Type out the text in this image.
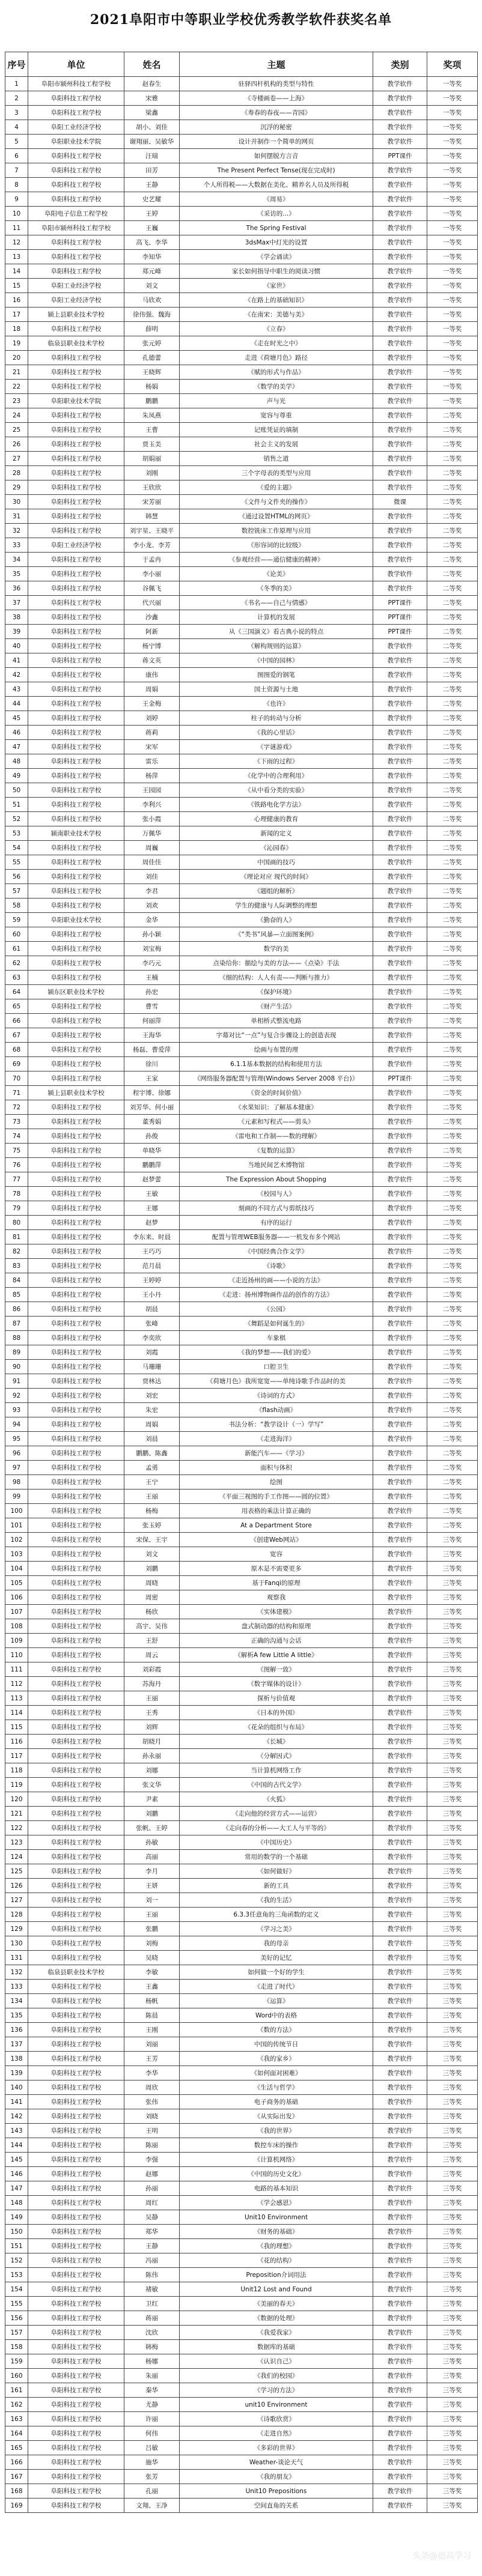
2021阜阳市中等职业学校优秀教学软件获奖名单
序号	单位	姓名	主题	类别	奖项
1	阜阳市颍州科技工程学校	赵春生	驻驿四杆机构的类型与特性	教学软件	一等奖
2	阜阳科技工程学校	宋雅	《寺楼画卷——上海》	教学软件	一等奖
3	阜阳科技工程学校	梁鑫	《寿春的春夜——青园》	教学软件	一等奖
4	阜阳工业经济学校	胡小、刘佳	沉浮的秘密	教学软件	一等奖
5	阜阳职业技术学院	谢翔丽、吴敏华	设计并制作一个简单的网页	教学软件	一等奖
6	阜阳科技工程学校	汪瑞	如何摆脱方言音	PPT课件	一等奖
7	阜阳科技工程学校	田芳	The Present Perfect Tense(现在完成时)	教学软件	一等奖
8	阜阳科技工程学校	王静	个人所得税——大数据在美化、精养名人员及所得税	教学软件	一等奖
9	阜阳科技工程学校	史艺耀	《周易》	教学软件	一等奖
10	阜阳电子信息工程学校	王婷	《采访的...》	教学软件	一等奖
11	阜阳市颍州科技工程学校	王巍	The Spring Festival	教学软件	一等奖
12	阜阳科技工程学校	高飞、李华	3dsMax中灯光的设置	教学软件	一等奖
13	阜阳科技工程学校	李知华	《学会诵读》	教学软件	一等奖
14	阜阳科技工程学校	郑元峰	家长如何指导中职生的阅读习惯	教学软件	一等奖
15	阜阳工业经济学校	刘文	《家世》	教学软件	一等奖
16	阜阳工业经济学校	马欣欢	《在路上的基础知识》	教学软件	一等奖
17	颍上县职业技术学校	徐伟强、魏海	《在南宋：美德与美》	教学软件	一等奖
18	阜阳科技工程学校	薛明	《立春》	教学软件	一等奖
19	临泉县职业技术学校	张元婷	《走在时光之中》	教学软件	一等奖
20	阜阳科技工程学校	孔德蕾	走进《荷塘月色》路径	教学软件	一等奖
21	阜阳科技工程学校	王晓辉	《赋的形式与作品》	教学软件	一等奖
22	阜阳科技工程学校	杨娟	《数学的美学》	教学软件	一等奖
23	阜阳职业技术学院	鹏鹏	声与光	教学软件	一等奖
24	阜阳科技工程学校	朱凤燕	宽容与尊重	教学软件	二等奖
25	阜阳科技工程学校	王曹	记账凭证的填制	教学软件	二等奖
26	阜阳科技工程学校	贾玉美	社会主义的发展	教学软件	二等奖
27	阜阳科技工程学校	胡娟丽	销售之道	教学软件	二等奖
28	阜阳科技工程学校	刘刚	三个字母表的类型与应用	教学软件	二等奖
29	阜阳科技工程学校	王欣欣	《爱的主题》	教学软件	二等奖
30	阜阳科技工程学校	宋芳丽	《文件与文件夹的操作》	微课	二等奖
31	阜阳科技工程学校	韩慧	《通过设置HTML的网页》	教学软件	二等奖
32	阜阳科技工程学校	刘宇星、王晓平	数控铣床工作原理与应用	教学软件	二等奖
33	阜阳工业经济学校	李小龙、李芳	《形容词的比较级》	教学软件	二等奖
34	阜阳科技工程学校	于孟冉	《参观经营——通信健康的精神》	教学软件	二等奖
35	阜阳科技工程学校	李小丽	《论美》	教学软件	二等奖
36	阜阳科技工程学校	谷佩飞	《冬季的美》	教学软件	二等奖
37	阜阳科技工程学校	代兴丽	《书名——自己与情感》	PPT课件	二等奖
38	阜阳科技工程学校	沙鑫	计算机的发展	PPT课件	二等奖
39	阜阳科技工程学校	阿新	从《三国演义》看古典小说的特点	PPT课件	二等奖
40	阜阳科技工程学校	杨宁博	《解构规则的运算》	教学软件	二等奖
41	阜阳科技工程学校	蒋文英	《中国的园林》	教学软件	二等奖
42	阜阳科技工程学校	康伟	图图爱的钢笔	教学软件	二等奖
43	阜阳科技工程学校	周娟	国土资源与土地	教学软件	二等奖
44	阜阳科技工程学校	王金梅	《也许》	教学软件	二等奖
45	阜阳科技工程学校	刘婷	柱子的转动与分析	教学软件	二等奖
46	阜阳科技工程学校	蒋莉	《我的心里话》	教学软件	二等奖
47	阜阳科技工程学校	宋军	《字谜游戏》	教学软件	二等奖
48	阜阳科技工程学校	雷乐	《下雨的过程》	教学软件	二等奖
49	阜阳科技工程学校	杨萍	《化学中的合理利用》	教学软件	二等奖
50	阜阳科技工程学校	王园园	《从中看分类的实验》	教学软件	二等奖
51	阜阳科技工程学校	李利兴	《铁路电化学方法》	教学软件	二等奖
52	阜阳科技工程学校	张小霞	心理健康的教育	教学软件	二等奖
53	颍南职业技术学校	万佩华	新闻的定义	教学软件	二等奖
54	阜阳科技工程学校	周巍	《沁园春》	教学软件	二等奖
55	阜阳科技工程学校	周佳佳	中国画的技巧	教学软件	二等奖
56	阜阳科技工程学校	刘佳	《理论对应 现代的时间》	教学软件	二等奖
57	阜阳科技工程学校	李君	《题组的解析》	教学软件	二等奖
58	阜阳科技工程学校	刘欢	学生的健康与人际调整的理想	教学软件	二等奖
59	阜阳职业技术学校	金华	《勤奋的人》	教学软件	二等奖
60	阜阳科技工程学校	孙小颖	《“类书”风暴—立面图案例》	教学软件	二等奖
61	阜阳科技工程学校	刘宝梅	数学的美	教学软件	二等奖
62	阜阳科技工程学校	李巧元	点染给你：描绘与美的方法——《点染》手法	教学软件	二等奖
63	阜阳科技工程学校	王楠	《细的结构：人人有责——判断与推力》	教学软件	二等奖
64	颍东区职业技术学校	孙宏	《保护环境》	教学软件	二等奖
65	阜阳科技工程学校	曹雪	《财产生活》	教学软件	二等奖
66	阜阳科技工程学校	何丽萍	单相桥式整流电路	教学软件	二等奖
67	阜阳科技工程学校	王海华	字幕对比“一点”与复合步骤设上的创造表现	教学软件	二等奖
68	阜阳科技工程学校	杨磊、曹爱萍	绘画与布置的理	教学软件	二等奖
69	阜阳科技工程学校	徐川	6.1.1基本数据的结构和使用方法	教学软件	二等奖
70	阜阳科技工程学校	王家	《网络服务器配置与管理(Windows Server 2008 平台)》	PPT课件	二等奖
71	颍上县职业技术学校	程宇博、徐娜	《资金的时间价值》	教学软件	二等奖
72	阜阳科技工程学校	刘芳华、何小丽	《水果知识：了解基本健康》	教学软件	二等奖
73	阜阳科技工程学校	董秀娟	《元素和写程式——剪头》	教学软件	二等奖
74	阜阳科技工程学校	孙俊	《雷电和工作制——数的理解》	教学软件	二等奖
75	阜阳科技工程学校	单晓华	《复数的运算》	教学软件	二等奖
76	阜阳科技工程学校	鹏鹏萍	当地民间艺术博物馆	教学软件	二等奖
77	阜阳科技工程学校	赵梦蕾	The Expression About Shopping	教学软件	二等奖
78	阜阳科技工程学校	王敏	《校园与人》	教学软件	二等奖
79	阜阳科技工程学校	王娜	刻画的不同方式与剪纸技巧	教学软件	二等奖
80	阜阳科技工程学校	赵梦	有序的运行	教学软件	二等奖
81	阜阳科技工程学校	李东来、时晨	配置与管理WEB服务器——一机发布多个网站	教学软件	二等奖
82	阜阳科技工程学校	王巧巧	《中国经典合作文学》	教学软件	二等奖
83	阜阳科技工程学校	范月晨	《诗歌》	教学软件	二等奖
84	阜阳科技工程学校	王婷婷	《走近扬州的画——小说的方法》	教学软件	二等奖
85	阜阳科技工程学校	王小丹	《走进：扬州博物画作品的创作的方法》	教学软件	二等奖
86	阜阳科技工程学校	胡晨	《公园》	教学软件	二等奖
87	阜阳科技工程学校	张峰	《舞蹈是如何诞生的》	教学软件	二等奖
88	阜阳科技工程学校	李奕欣	车象棋	教学软件	二等奖
89	阜阳科技工程学校	刘霞	《我的梦想——我们的爱》	教学软件	二等奖
90	阜阳科技工程学校	马珊珊	口腔卫生	教学软件	二等奖
91	阜阳科技工程学校	贾林达	《荷塘月色》我所宽宽——单纯诗歌手作品时的美	教学软件	二等奖
92	阜阳科技工程学校	刘宏	《诗词的方式》	教学软件	二等奖
93	阜阳科技工程学校	朱宏	《flash动画》	教学软件	二等奖
94	阜阳科技工程学校	周娟	书法分析：“教学设计（一）学写”	教学软件	二等奖
95	阜阳科技工程学校	刘晨	《走进海洋》	教学软件	二等奖
96	阜阳科技工程学校	鹏鹏、陈鑫	新能汽车——《学习》	教学软件	二等奖
97	阜阳科技工程学校	孟勇	面积与体积	教学软件	二等奖
98	阜阳科技工程学校	王宁	绘图	教学软件	二等奖
99	阜阳科技工程学校	王丽	《平面三视图的手工作图——圆的位置》	教学软件	二等奖
100	阜阳科技工程学校	杨梅	用表格的乘法计算正确的	教学软件	二等奖
101	阜阳科技工程学校	张玉婷	At a Department Store	教学软件	二等奖
102	阜阳科技工程学校	宋保、王宇	《创建Web网站》	教学软件	三等奖
103	阜阳科技工程学校	刘文	宽容	教学软件	三等奖
104	阜阳科技工程学校	刘鹏	原木是不需要更多	教学软件	三等奖
105	阜阳科技工程学校	周晓	基于Fanqi的原理	教学软件	三等奖
106	阜阳科技工程学校	周密	观察我	教学软件	三等奖
107	阜阳科技工程学校	杨欣	《实体建模》	教学软件	三等奖
108	阜阳科技工程学校	高宇、吴伟	盘式制动器的结构和原理	教学软件	三等奖
109	阜阳科技工程学校	王舒	正确的沟通与会话	教学软件	三等奖
110	阜阳科技工程学校	周云	《解析A few Little A little》	教学软件	三等奖
111	阜阳科技工程学校	刘彩霞	《图解一致》	教学软件	三等奖
112	阜阳科技工程学校	苏海丹	《数字媒体的设计》	教学软件	三等奖
113	阜阳科技工程学校	王丽	探析与价值观	教学软件	三等奖
114	阜阳科技工程学校	王秀	《日本的外国》	教学软件	三等奖
115	阜阳科技工程学校	刘辉	《花朵的组织与布局》	教学软件	三等奖
116	阜阳科技工程学校	胡晓月	《长城》	教学软件	三等奖
117	阜阳科技工程学校	孙永丽	《分解因式》	教学软件	三等奖
118	阜阳科技工程学校	刘娜	当计算机网络工作	教学软件	三等奖
119	阜阳科技工程学校	张文华	《中国的古代文学》	教学软件	三等奖
120	阜阳科技工程学校	尹素	《火狐》	教学软件	三等奖
121	阜阳科技工程学校	刘鹏	《走向他的经营方式——运营》	教学软件	三等奖
122	阜阳科技工程学校	张帆、王婷	《走向春的分析——大工人与平等的》	教学软件	三等奖
123	阜阳科技工程学校	孙敏	《中国历史》	教学软件	三等奖
124	阜阳科技工程学校	高丽	常用的数学的一个基础	教学软件	三等奖
125	阜阳科技工程学校	李月	《如何做好》	教学软件	三等奖
126	阜阳科技工程学校	王妍	新的工具	教学软件	三等奖
127	阜阳科技工程学校	刘一	《我的生活》	教学软件	三等奖
128	阜阳科技工程学校	王丽	6.3.3任意角的三角函数的定义	教学软件	三等奖
129	阜阳科技工程学校	张鹏	《学习之美》	教学软件	三等奖
130	阜阳科技工程学校	刘梅	我的母亲	教学软件	三等奖
131	阜阳科技工程学校	吴晓	美好的记忆	教学软件	三等奖
132	临泉县职业技术学校	李敏	如何做一个好的学生	教学软件	三等奖
133	阜阳科技工程学校	王鑫	《走进了时代》	教学软件	三等奖
134	阜阳科技工程学校	杨帆	《运算》	教学软件	三等奖
135	阜阳科技工程学校	陈晨	Word中的表格	教学软件	三等奖
136	阜阳科技工程学校	王刚	《数的方法》	教学软件	三等奖
137	阜阳科技工程学校	刘丽	中国的传统节日	教学软件	三等奖
138	阜阳科技工程学校	王芳	《我的家乡》	教学软件	三等奖
139	阜阳科技工程学校	李华	《如何面对困难》	教学软件	三等奖
140	阜阳科技工程学校	周欣	《生活与哲学》	教学软件	三等奖
141	阜阳科技工程学校	张伟	电子商务的基础	教学软件	三等奖
142	阜阳科技工程学校	刘晓	《从实际出发》	教学软件	三等奖
143	阜阳科技工程学校	王明	《我的世界》	教学软件	三等奖
144	阜阳科技工程学校	陈丽	数控车床的操作	教学软件	三等奖
145	阜阳科技工程学校	李强	《计算机网络》	教学软件	三等奖
146	阜阳科技工程学校	赵娜	《中国的历史文化》	教学软件	三等奖
147	阜阳科技工程学校	孙丽	电路的基本知识	教学软件	三等奖
148	阜阳科技工程学校	周红	《学会感恩》	教学软件	三等奖
149	阜阳科技工程学校	吴静	Unit10 Environment	教学软件	三等奖
150	阜阳科技工程学校	郑华	《财务的基础》	教学软件	三等奖
151	阜阳科技工程学校	王静	《我的理想》	教学软件	三等奖
152	阜阳科技工程学校	冯丽	《花的结构》	教学软件	三等奖
153	阜阳科技工程学校	陈伟	Preposition介词用法	教学软件	三等奖
154	阜阳科技工程学校	褚敏	Unit12 Lost and Found	教学软件	三等奖
155	阜阳科技工程学校	卫红	《美丽的春天》	教学软件	三等奖
156	阜阳科技工程学校	蒋丽	《数据的处理》	教学软件	三等奖
157	阜阳科技工程学校	沈欣	《我爱我家》	教学软件	三等奖
158	阜阳科技工程学校	韩梅	数据库的基础	教学软件	三等奖
159	阜阳科技工程学校	杨娜	《认识自己》	教学软件	三等奖
160	阜阳科技工程学校	朱丽	《我们的校园》	教学软件	三等奖
161	阜阳科技工程学校	秦华	《学习的方法》	教学软件	三等奖
162	阜阳科技工程学校	尤静	unit10 Environment	教学软件	三等奖
163	阜阳科技工程学校	许丽	《诗歌欣赏》	教学软件	三等奖
164	阜阳科技工程学校	何伟	《走进自然》	教学软件	三等奖
165	阜阳科技工程学校	吕敏	《多彩的世界》	教学软件	三等奖
166	阜阳科技工程学校	施华	Weather-谈论天气	教学软件	三等奖
167	阜阳科技工程学校	张芳	《我的朋友》	教学软件	三等奖
168	阜阳科技工程学校	孔丽	Unit10 Prepositions	教学软件	三等奖
169	阜阳科技工程学校	文翔、王净	空间直角的关系	教学软件	三等奖
头条@德高学习
